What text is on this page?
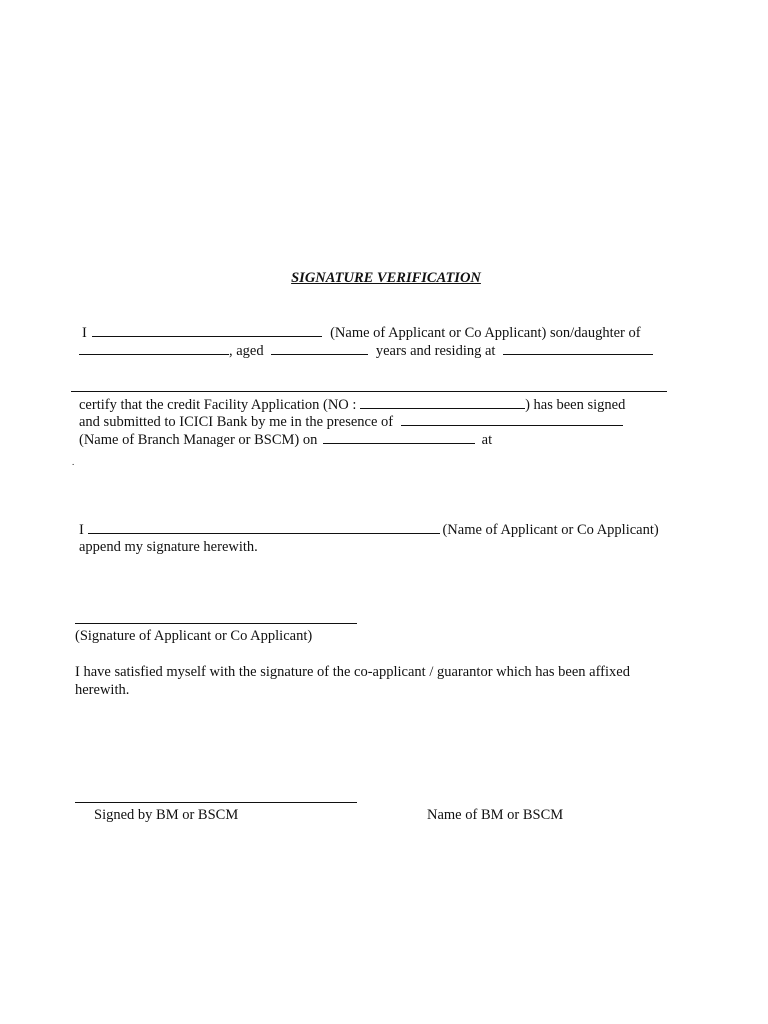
SIGNATURE VERIFICATION
I	(Name of Applicant or Co Applicant) son/daughter of
, aged	years and residing at
certify that the credit Facility Application (NO :	) has been signed
and submitted to ICICI Bank by me in the presence of
(Name of Branch Manager or BSCM) on	at
.
I	(Name of Applicant or Co Applicant)
append my signature herewith.
(Signature of Applicant or Co Applicant)
I have satisfied myself with the signature of the co-applicant / guarantor which has been affixed
herewith.
Signed by BM or BSCM	Name of BM or BSCM
